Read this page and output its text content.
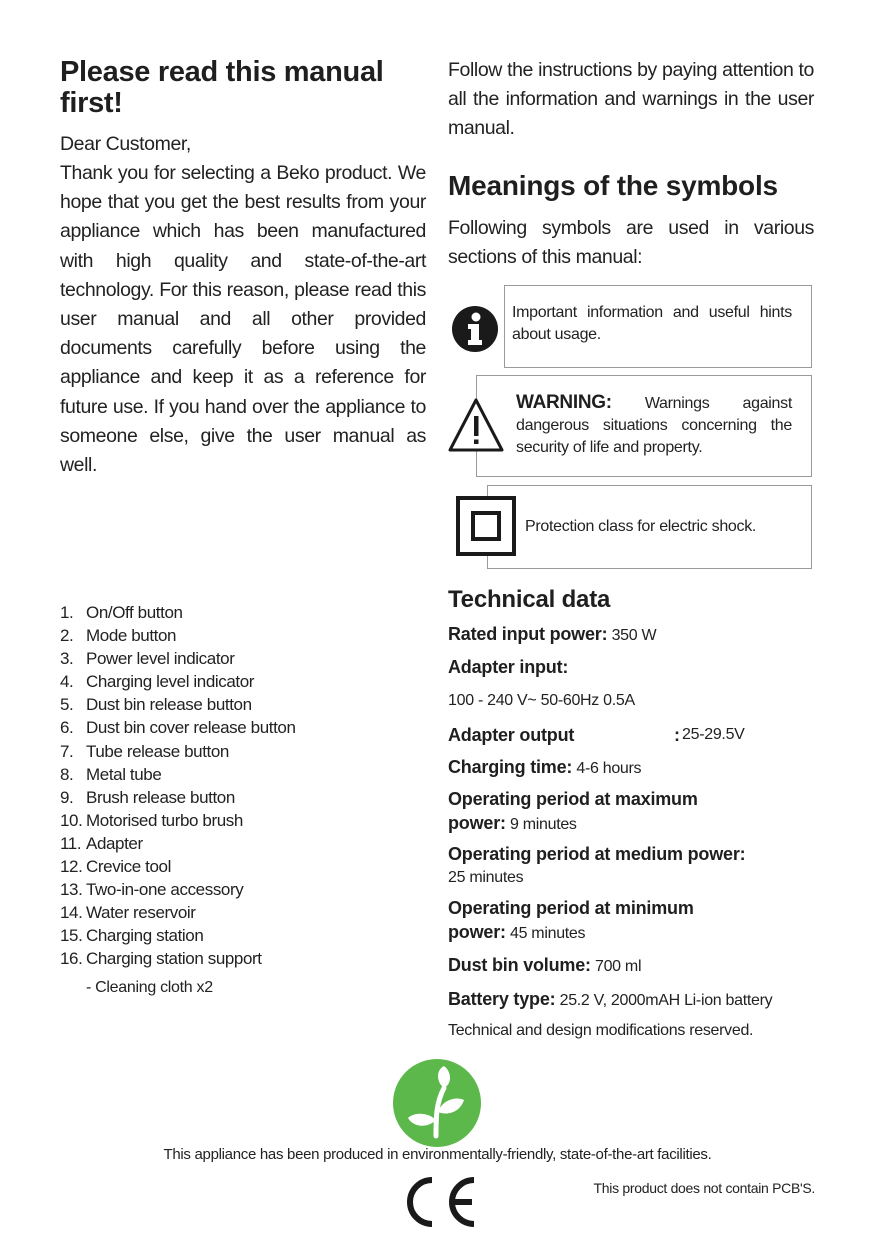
Please read this manual first!
Dear Customer,
Thank you for selecting a Beko product. We hope that you get the best results from your appliance which has been manufactured with high quality and state-of-the-art technology. For this reason, please read this user manual and all other provided documents carefully before using the appliance and keep it as a reference for future use. If you hand over the appliance to someone else, give the user manual as well.
1. On/Off button
2. Mode button
3. Power level indicator
4. Charging level indicator
5. Dust bin release button
6. Dust bin cover release button
7. Tube release button
8. Metal tube
9. Brush release button
10. Motorised turbo brush
11. Adapter
12. Crevice tool
13. Two-in-one accessory
14. Water reservoir
15. Charging station
16. Charging station support
- Cleaning cloth x2
Follow the instructions by paying attention to all the information and warnings in the user manual.
Meanings of the symbols
Following symbols are used in various sections of this manual:
Important information and useful hints about usage.
WARNING: Warnings against dangerous situations concerning the security of life and property.
Protection class for electric shock.
Technical data
Rated input power: 350 W
Adapter input:
100 - 240 V~ 50-60Hz 0.5A
Adapter output	: 25-29.5V
Charging time: 4-6 hours
Operating period at maximum
power: 9 minutes
Operating period at medium power:
25 minutes
Operating period at minimum
power: 45 minutes
Dust bin volume: 700 ml
Battery type: 25.2 V, 2000mAH Li-ion battery
Technical and design modifications reserved.
This appliance has been produced in environmentally-friendly, state-of-the-art facilities.
This product does not contain PCB'S.
